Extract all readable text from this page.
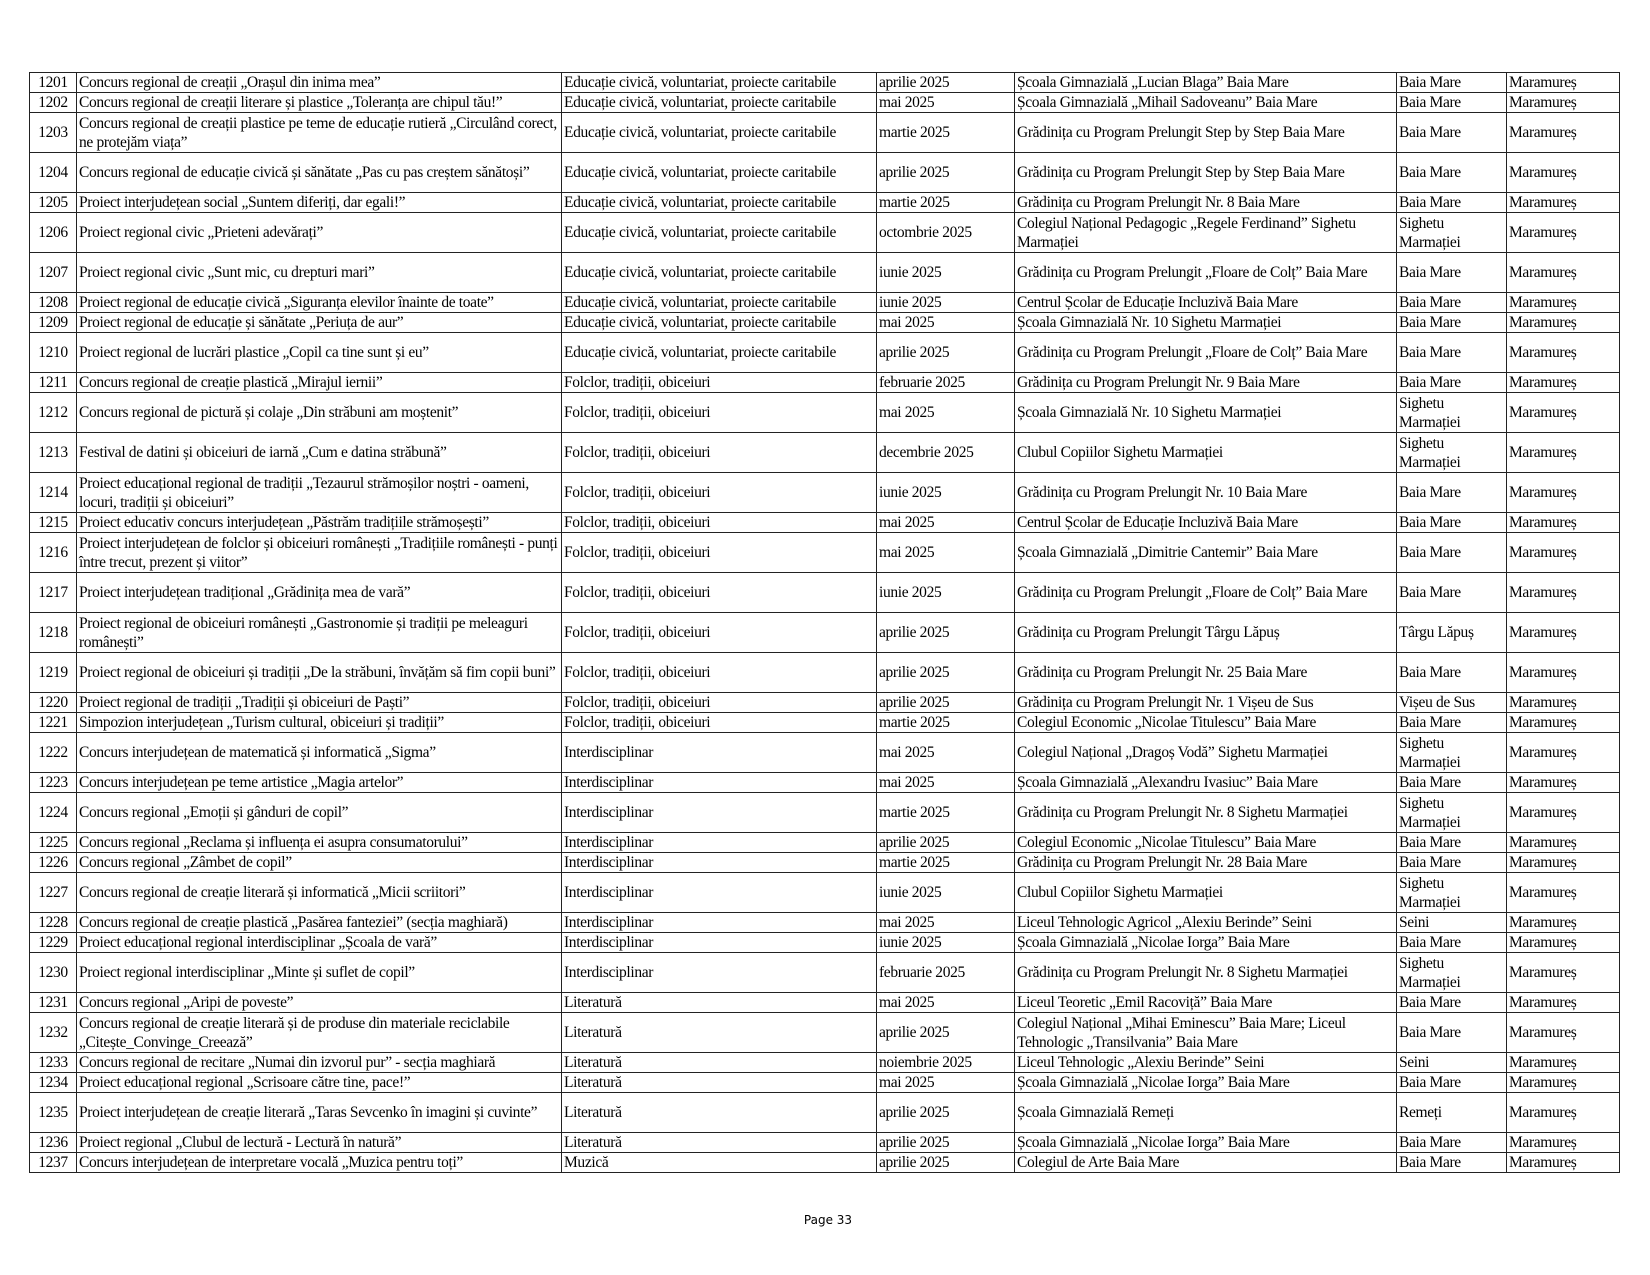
1201	Concurs regional de creații „Orașul din inima mea”	Educație civică, voluntariat, proiecte caritabile	aprilie 2025	Școala Gimnazială „Lucian Blaga” Baia Mare	Baia Mare	Maramureș
1202	Concurs regional de creații literare și plastice „Toleranța are chipul tău!”	Educație civică, voluntariat, proiecte caritabile	mai 2025	Școala Gimnazială „Mihail Sadoveanu” Baia Mare	Baia Mare	Maramureș
1203	Concurs regional de creații plastice pe teme de educație rutieră „Circulând corect, ne protejăm viața”	Educație civică, voluntariat, proiecte caritabile	martie 2025	Grădinița cu Program Prelungit Step by Step Baia Mare	Baia Mare	Maramureș
1204	Concurs regional de educație civică și sănătate „Pas cu pas creștem sănătoși”	Educație civică, voluntariat, proiecte caritabile	aprilie 2025	Grădinița cu Program Prelungit Step by Step Baia Mare	Baia Mare	Maramureș
1205	Proiect interjudețean social „Suntem diferiți, dar egali!”	Educație civică, voluntariat, proiecte caritabile	martie 2025	Grădinița cu Program Prelungit Nr. 8 Baia Mare	Baia Mare	Maramureș
1206	Proiect regional civic „Prieteni adevărați”	Educație civică, voluntariat, proiecte caritabile	octombrie 2025	Colegiul Național Pedagogic „Regele Ferdinand” Sighetu Marmației	Sighetu Marmației	Maramureș
1207	Proiect regional civic „Sunt mic, cu drepturi mari”	Educație civică, voluntariat, proiecte caritabile	iunie 2025	Grădinița cu Program Prelungit „Floare de Colț” Baia Mare	Baia Mare	Maramureș
1208	Proiect regional de educație civică „Siguranța elevilor înainte de toate”	Educație civică, voluntariat, proiecte caritabile	iunie 2025	Centrul Școlar de Educație Incluzivă Baia Mare	Baia Mare	Maramureș
1209	Proiect regional de educație și sănătate „Periuța de aur”	Educație civică, voluntariat, proiecte caritabile	mai 2025	Școala Gimnazială Nr. 10 Sighetu Marmației	Baia Mare	Maramureș
1210	Proiect regional de lucrări plastice „Copil ca tine sunt și eu”	Educație civică, voluntariat, proiecte caritabile	aprilie 2025	Grădinița cu Program Prelungit „Floare de Colț” Baia Mare	Baia Mare	Maramureș
1211	Concurs regional de creație plastică „Mirajul iernii”	Folclor, tradiții, obiceiuri	februarie 2025	Grădinița cu Program Prelungit Nr. 9 Baia Mare	Baia Mare	Maramureș
1212	Concurs regional de pictură și colaje „Din străbuni am moștenit”	Folclor, tradiții, obiceiuri	mai 2025	Școala Gimnazială Nr. 10 Sighetu Marmației	Sighetu Marmației	Maramureș
1213	Festival de datini și obiceiuri de iarnă „Cum e datina străbună”	Folclor, tradiții, obiceiuri	decembrie 2025	Clubul Copiilor Sighetu Marmației	Sighetu Marmației	Maramureș
1214	Proiect educațional regional de tradiții „Tezaurul strămoșilor noștri - oameni, locuri, tradiții și obiceiuri”	Folclor, tradiții, obiceiuri	iunie 2025	Grădinița cu Program Prelungit Nr. 10 Baia Mare	Baia Mare	Maramureș
1215	Proiect educativ concurs interjudețean „Păstrăm tradițiile strămoșești”	Folclor, tradiții, obiceiuri	mai 2025	Centrul Școlar de Educație Incluzivă Baia Mare	Baia Mare	Maramureș
1216	Proiect interjudețean de folclor și obiceiuri românești „Tradițiile românești - punți între trecut, prezent și viitor”	Folclor, tradiții, obiceiuri	mai 2025	Școala Gimnazială „Dimitrie Cantemir” Baia Mare	Baia Mare	Maramureș
1217	Proiect interjudețean tradițional „Grădinița mea de vară”	Folclor, tradiții, obiceiuri	iunie 2025	Grădinița cu Program Prelungit „Floare de Colț” Baia Mare	Baia Mare	Maramureș
1218	Proiect regional de obiceiuri românești „Gastronomie și tradiții pe meleaguri românești”	Folclor, tradiții, obiceiuri	aprilie 2025	Grădinița cu Program Prelungit Târgu Lăpuș	Târgu Lăpuș	Maramureș
1219	Proiect regional de obiceiuri și tradiții „De la străbuni, învățăm să fim copii buni”	Folclor, tradiții, obiceiuri	aprilie 2025	Grădinița cu Program Prelungit Nr. 25 Baia Mare	Baia Mare	Maramureș
1220	Proiect regional de tradiții „Tradiții și obiceiuri de Paști”	Folclor, tradiții, obiceiuri	aprilie 2025	Grădinița cu Program Prelungit Nr. 1 Vișeu de Sus	Vișeu de Sus	Maramureș
1221	Simpozion interjudețean „Turism cultural, obiceiuri și tradiții”	Folclor, tradiții, obiceiuri	martie 2025	Colegiul Economic „Nicolae Titulescu” Baia Mare	Baia Mare	Maramureș
1222	Concurs interjudețean de matematică și informatică „Sigma”	Interdisciplinar	mai 2025	Colegiul Național „Dragoș Vodă” Sighetu Marmației	Sighetu Marmației	Maramureș
1223	Concurs interjudețean pe teme artistice „Magia artelor”	Interdisciplinar	mai 2025	Școala Gimnazială „Alexandru Ivasiuc” Baia Mare	Baia Mare	Maramureș
1224	Concurs regional „Emoții și gânduri de copil”	Interdisciplinar	martie 2025	Grădinița cu Program Prelungit Nr. 8 Sighetu Marmației	Sighetu Marmației	Maramureș
1225	Concurs regional „Reclama și influența ei asupra consumatorului”	Interdisciplinar	aprilie 2025	Colegiul Economic „Nicolae Titulescu” Baia Mare	Baia Mare	Maramureș
1226	Concurs regional „Zâmbet de copil”	Interdisciplinar	martie 2025	Grădinița cu Program Prelungit Nr. 28 Baia Mare	Baia Mare	Maramureș
1227	Concurs regional de creație literară și informatică „Micii scriitori”	Interdisciplinar	iunie 2025	Clubul Copiilor Sighetu Marmației	Sighetu Marmației	Maramureș
1228	Concurs regional de creație plastică „Pasărea fanteziei” (secția maghiară)	Interdisciplinar	mai 2025	Liceul Tehnologic Agricol „Alexiu Berinde” Seini	Seini	Maramureș
1229	Proiect educațional regional interdisciplinar „Școala de vară”	Interdisciplinar	iunie 2025	Școala Gimnazială „Nicolae Iorga” Baia Mare	Baia Mare	Maramureș
1230	Proiect regional interdisciplinar „Minte și suflet de copil”	Interdisciplinar	februarie 2025	Grădinița cu Program Prelungit Nr. 8 Sighetu Marmației	Sighetu Marmației	Maramureș
1231	Concurs regional „Aripi de poveste”	Literatură	mai 2025	Liceul Teoretic „Emil Racoviță” Baia Mare	Baia Mare	Maramureș
1232	Concurs regional de creație literară și de produse din materiale reciclabile „Citește_Convinge_Creează”	Literatură	aprilie 2025	Colegiul Național „Mihai Eminescu” Baia Mare; Liceul Tehnologic „Transilvania” Baia Mare	Baia Mare	Maramureș
1233	Concurs regional de recitare „Numai din izvorul pur” - secția maghiară	Literatură	noiembrie 2025	Liceul Tehnologic „Alexiu Berinde” Seini	Seini	Maramureș
1234	Proiect educațional regional „Scrisoare către tine, pace!”	Literatură	mai 2025	Școala Gimnazială „Nicolae Iorga” Baia Mare	Baia Mare	Maramureș
1235	Proiect interjudețean de creație literară „Taras Sevcenko în imagini și cuvinte”	Literatură	aprilie 2025	Școala Gimnazială Remeți	Remeți	Maramureș
1236	Proiect regional „Clubul de lectură - Lectură în natură”	Literatură	aprilie 2025	Școala Gimnazială „Nicolae Iorga” Baia Mare	Baia Mare	Maramureș
1237	Concurs interjudețean de interpretare vocală „Muzica pentru toți”	Muzică	aprilie 2025	Colegiul de Arte Baia Mare	Baia Mare	Maramureș
Page 33
